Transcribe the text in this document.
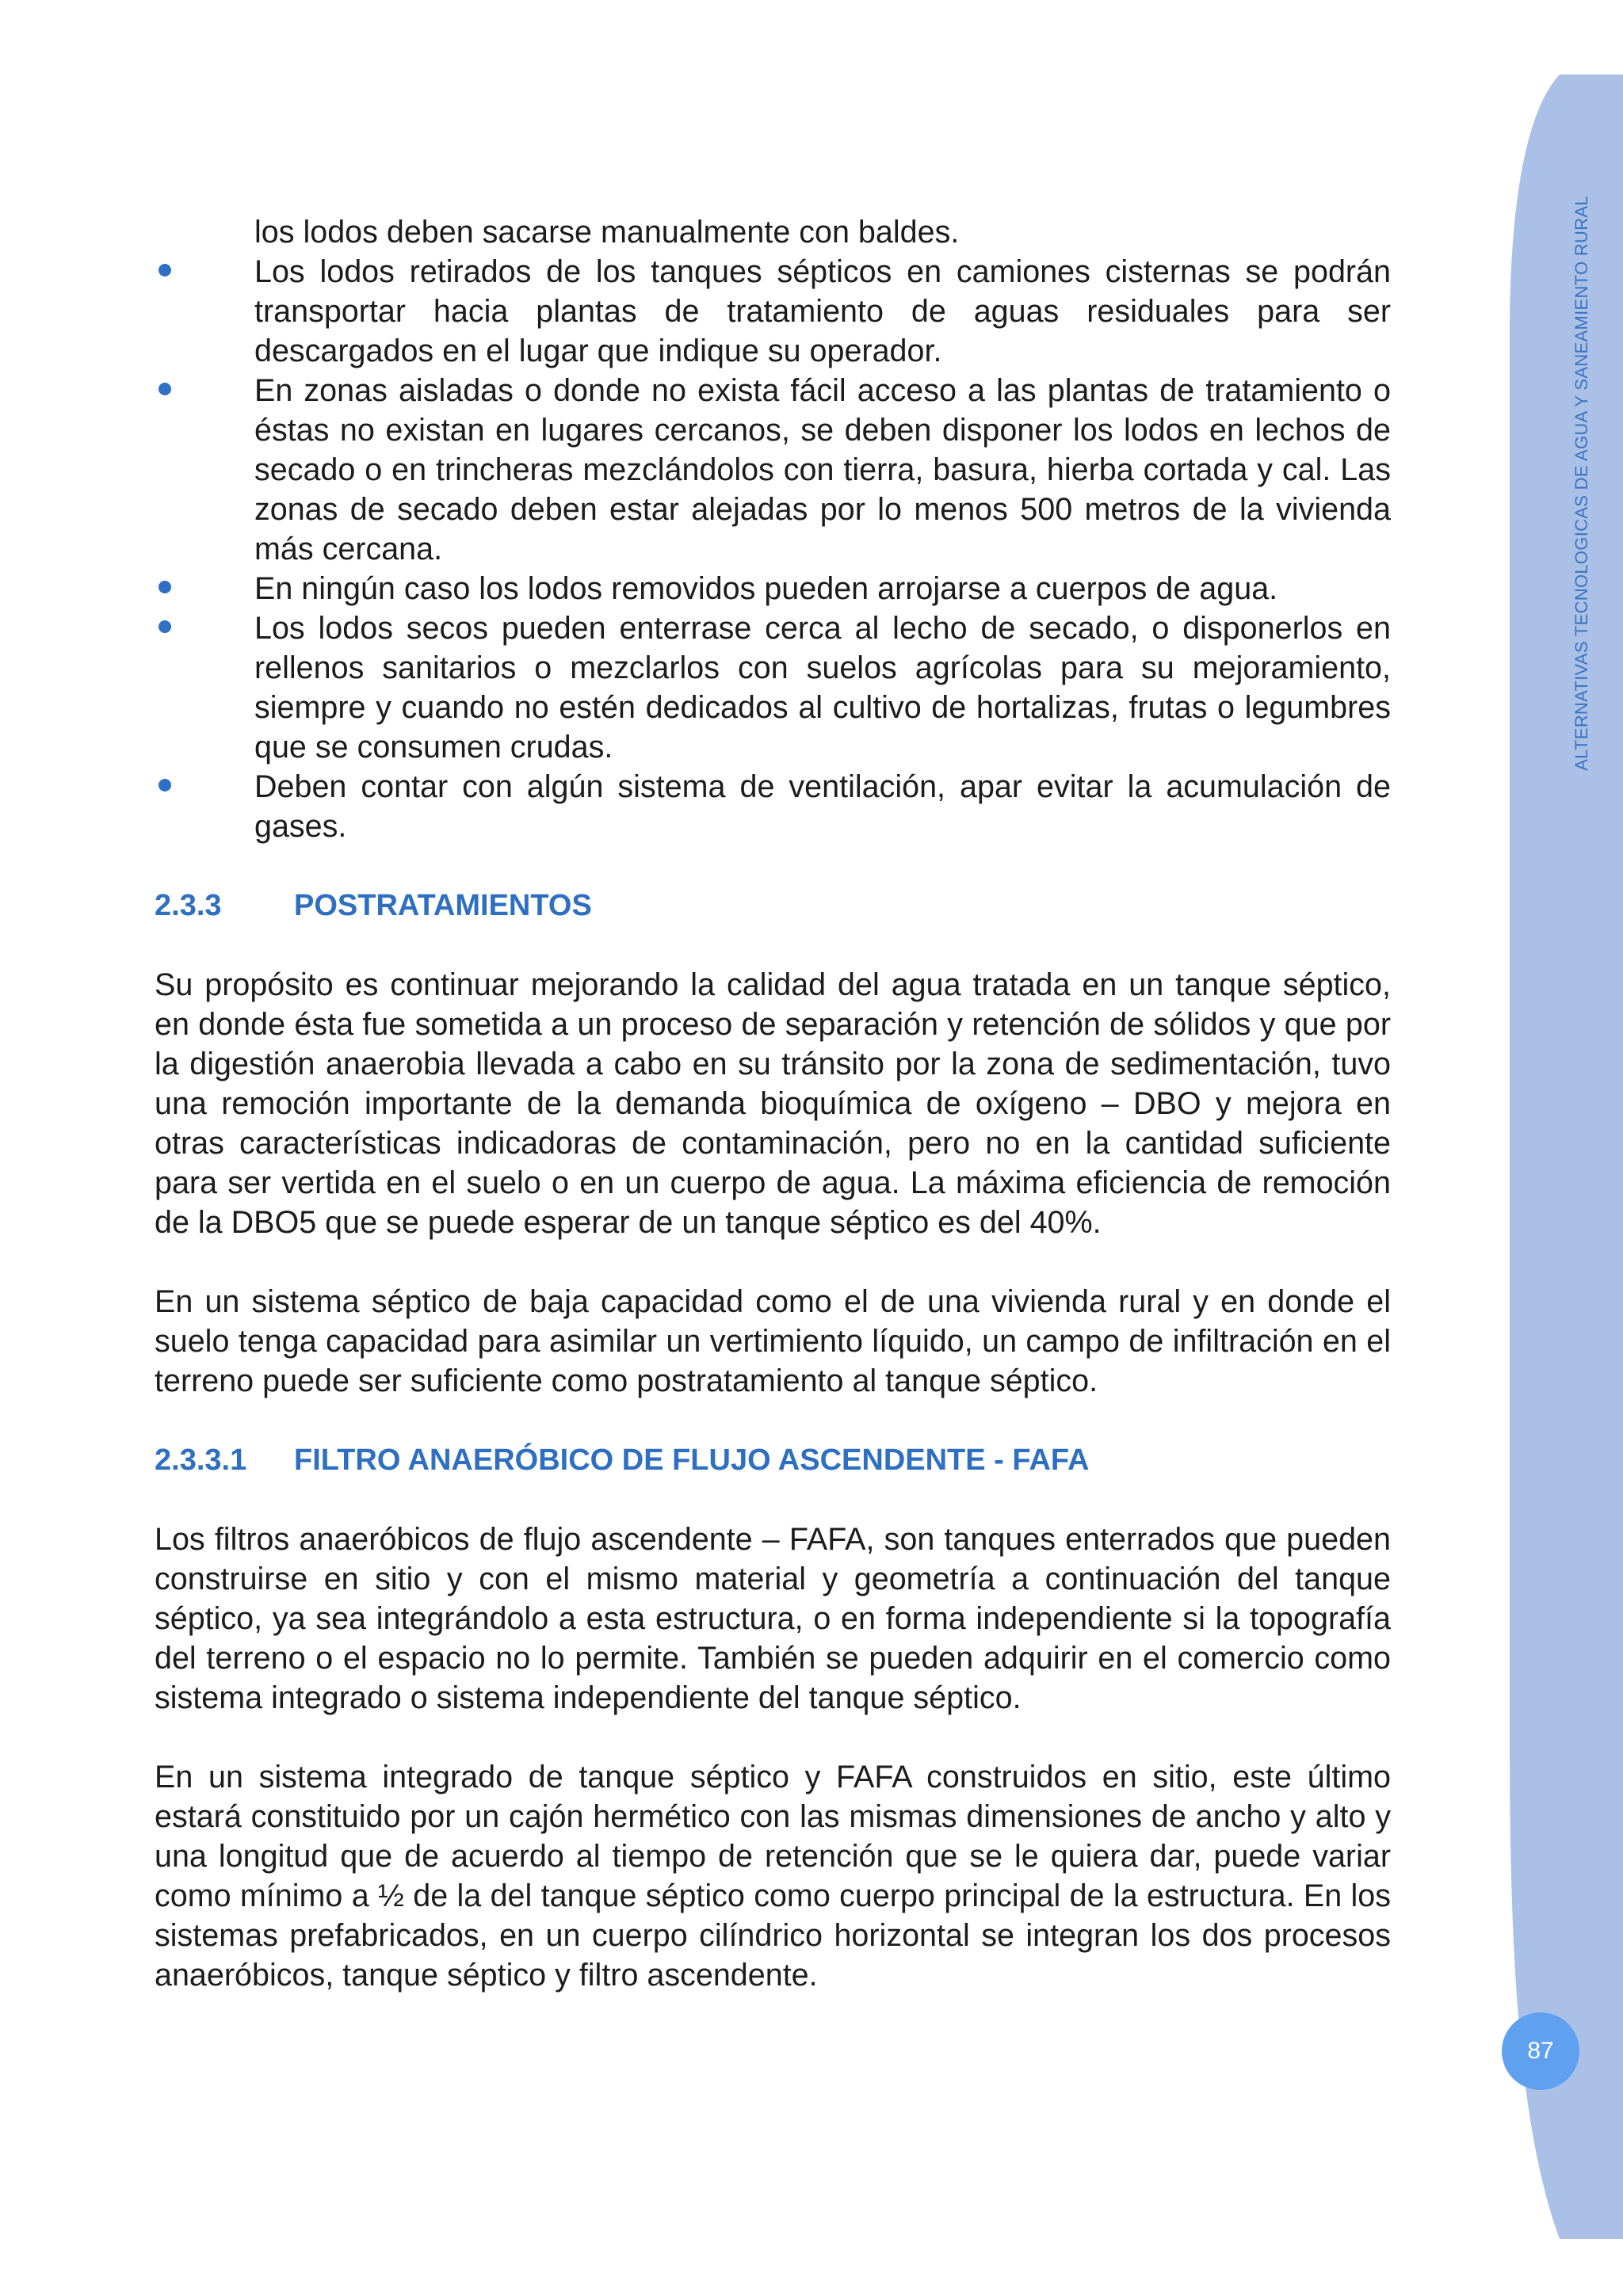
ALTERNATIVAS TECNOLOGICAS DE AGUA Y SANEAMIENTO RURAL
los lodos deben sacarse manualmente con baldes.
Los lodos retirados de los tanques sépticos en camiones cisternas se podrán transportar hacia plantas de tratamiento de aguas residuales para ser descargados en el lugar que indique su operador.
En zonas aisladas o donde no exista fácil acceso a las plantas de tratamiento o éstas no existan en lugares cercanos, se deben disponer los lodos en lechos de secado o en trincheras mezclándolos con tierra, basura, hierba cortada y cal. Las zonas de secado deben estar alejadas por lo menos 500 metros de la vivienda más cercana.
En ningún caso los lodos removidos pueden arrojarse a cuerpos de agua.
Los lodos secos pueden enterrase cerca al lecho de secado, o disponerlos en rellenos sanitarios o mezclarlos con suelos agrícolas para su mejoramiento, siempre y cuando no estén dedicados al cultivo de hortalizas, frutas o legumbres que se consumen crudas.
Deben contar con algún sistema de ventilación, apar evitar la acumulación de gases.
2.3.3 POSTRATAMIENTOS

Su propósito es continuar mejorando la calidad del agua tratada en un tanque séptico, en donde ésta fue sometida a un proceso de separación y retención de sólidos y que por la digestión anaerobia llevada a cabo en su tránsito por la zona de sedimentación, tuvo una remoción importante de la demanda bioquímica de oxígeno – DBO y mejora en otras características indicadoras de contaminación, pero no en la cantidad suficiente para ser vertida en el suelo o en un cuerpo de agua. La máxima eficiencia de remoción de la DBO5 que se puede esperar de un tanque séptico es del 40%.

En un sistema séptico de baja capacidad como el de una vivienda rural y en donde el suelo tenga capacidad para asimilar un vertimiento líquido, un campo de infiltración en el terreno puede ser suficiente como postratamiento al tanque séptico.

2.3.3.1 FILTRO ANAERÓBICO DE FLUJO ASCENDENTE - FAFA

Los filtros anaeróbicos de flujo ascendente – FAFA, son tanques enterrados que pueden construirse en sitio y con el mismo material y geometría a continuación del tanque séptico, ya sea integrándolo a esta estructura, o en forma independiente si la topografía del terreno o el espacio no lo permite. También se pueden adquirir en el comercio como sistema integrado o sistema independiente del tanque séptico.

En un sistema integrado de tanque séptico y FAFA construidos en sitio, este último estará constituido por un cajón hermético con las mismas dimensiones de ancho y alto y una longitud que de acuerdo al tiempo de retención que se le quiera dar, puede variar como mínimo a ½ de la del tanque séptico como cuerpo principal de la estructura. En los sistemas prefabricados, en un cuerpo cilíndrico horizontal se integran los dos procesos anaeróbicos, tanque séptico y filtro ascendente.

87
